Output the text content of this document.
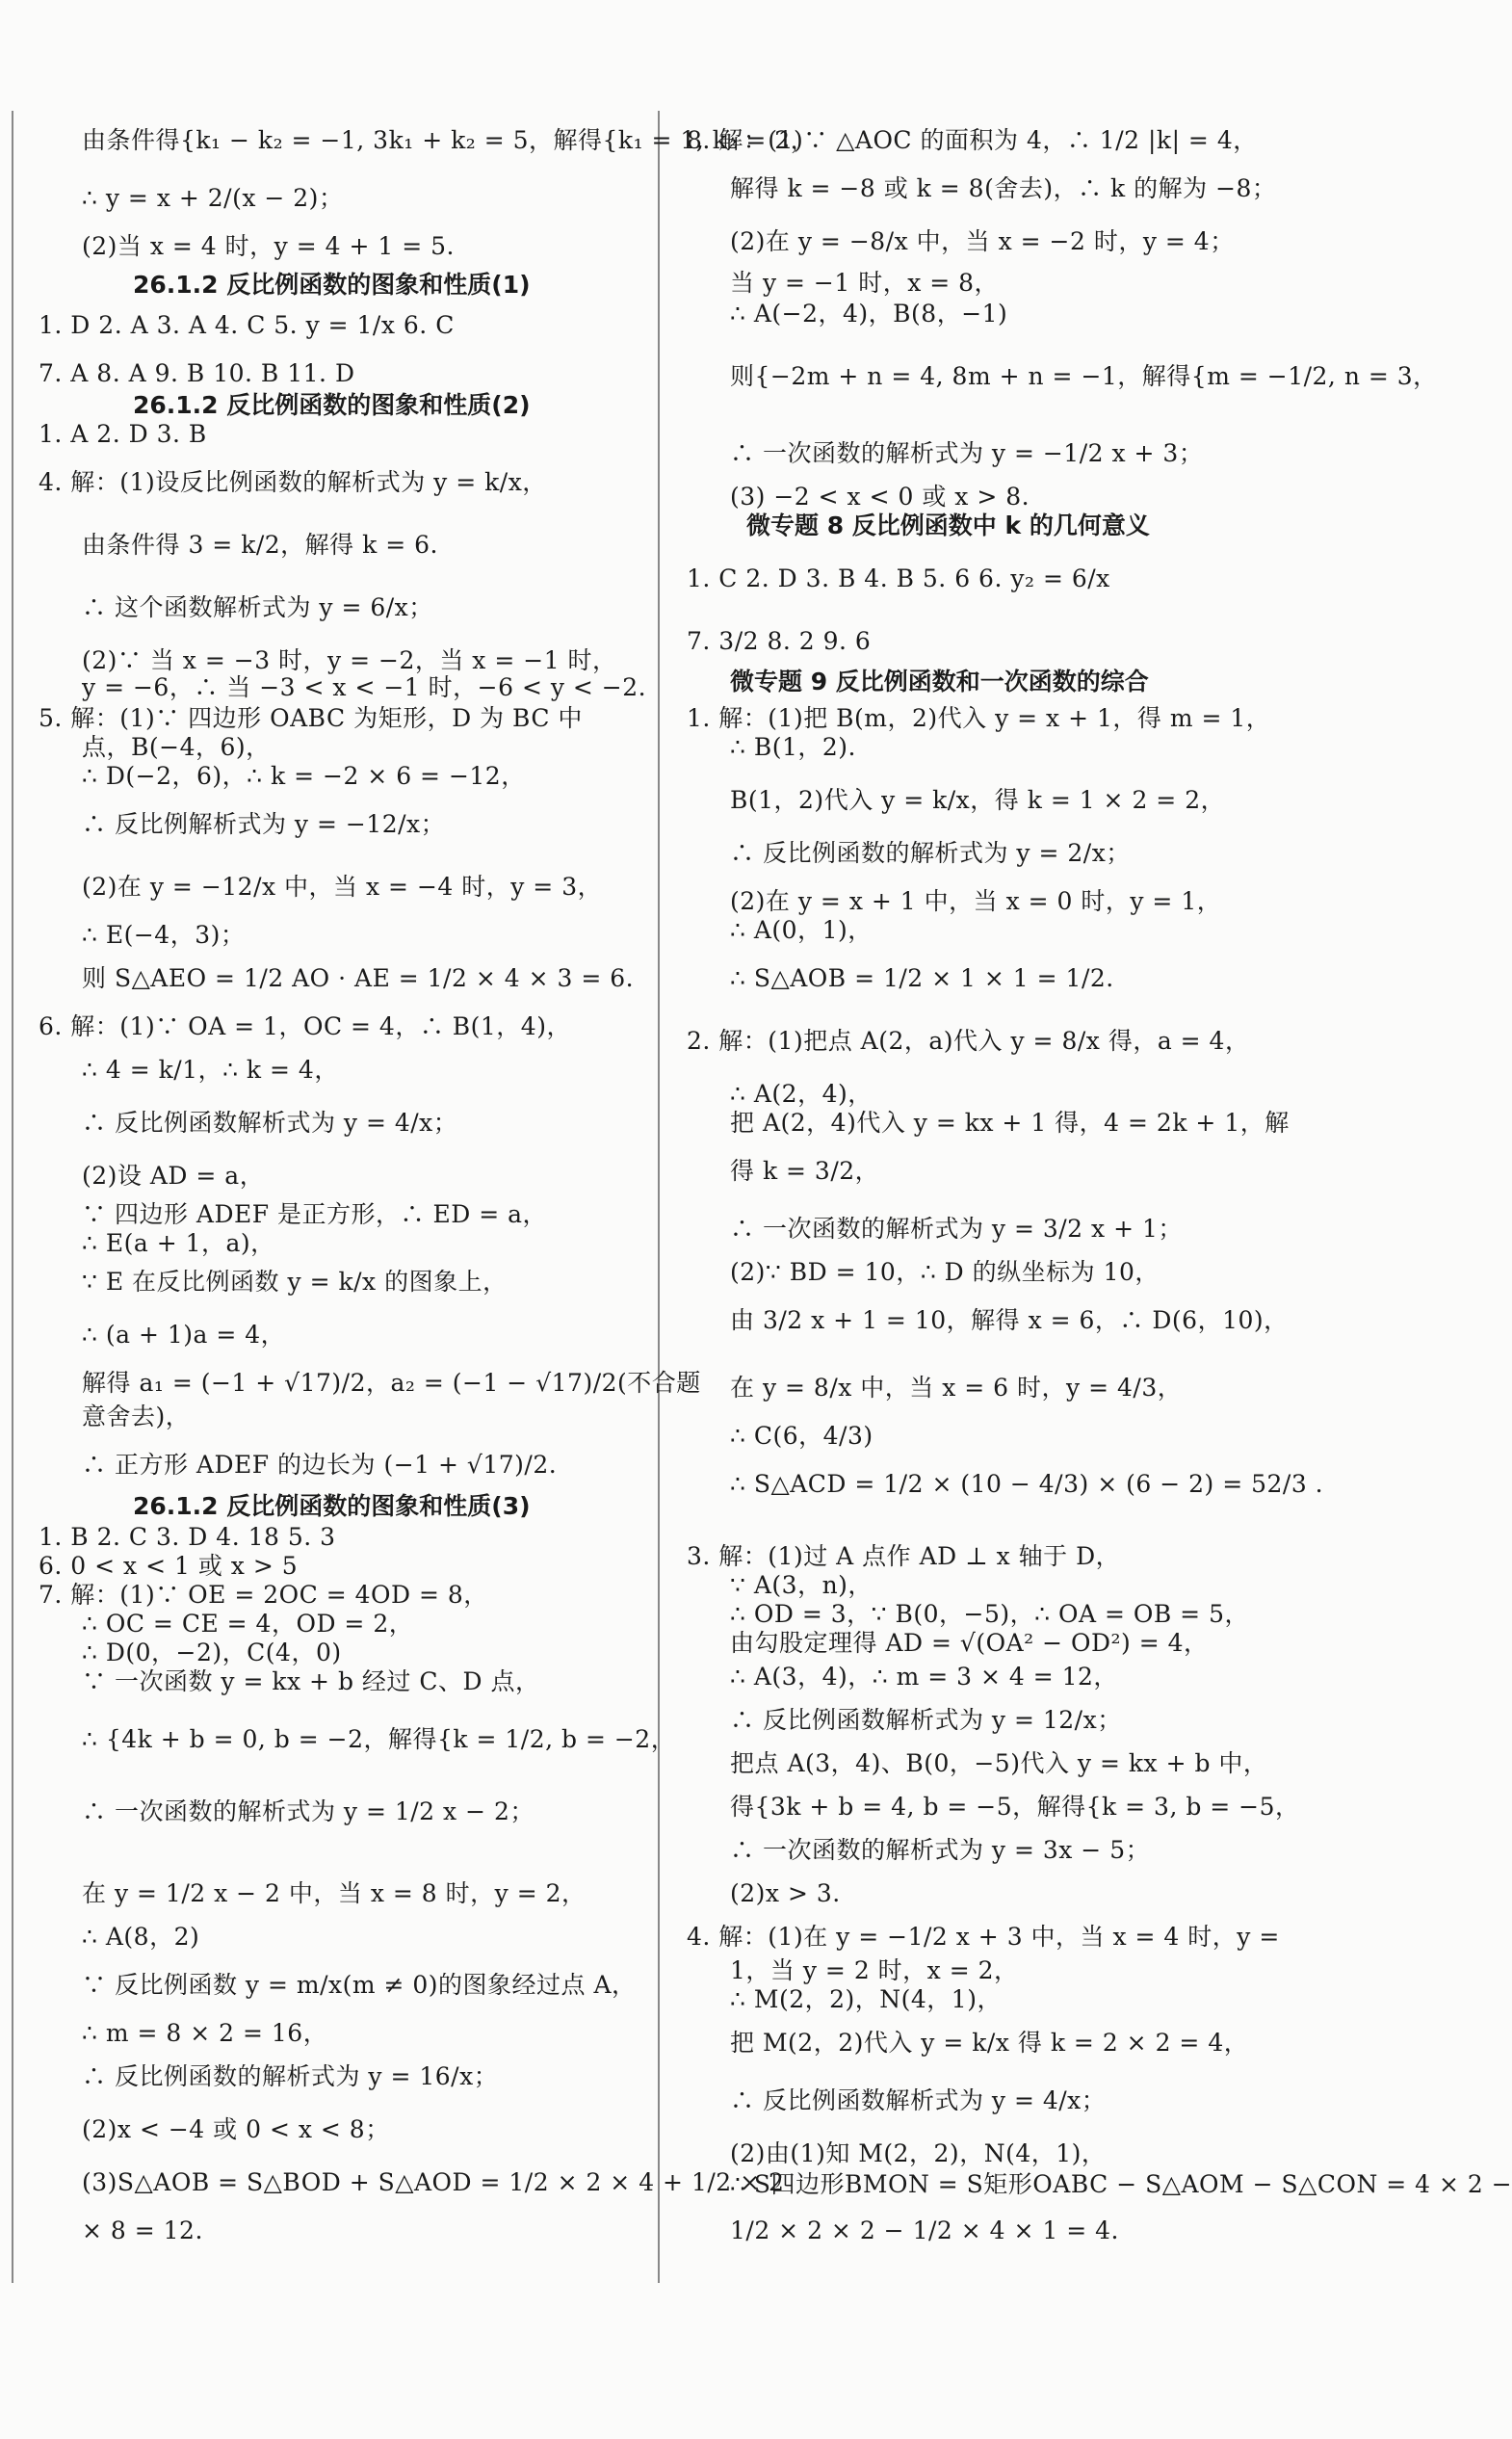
由条件得{k₁ − k₂ = −1, 3k₁ + k₂ = 5，解得{k₁ = 1, k₂ = 2，
∴ y = x + 2/(x − 2)；
(2)当 x = 4 时，y = 4 + 1 = 5.
1. D 2. A 3. A 4. C 5. y = 1/x 6. C
7. A 8. A 9. B 10. B 11. D
1. A 2. D 3. B
4. 解：(1)设反比例函数的解析式为 y = k/x，
由条件得 3 = k/2，解得 k = 6.
∴ 这个函数解析式为 y = 6/x；
(2)∵ 当 x = −3 时，y = −2，当 x = −1 时，
y = −6，∴ 当 −3 < x < −1 时，−6 < y < −2.
5. 解：(1)∵ 四边形 OABC 为矩形，D 为 BC 中
点，B(−4，6)，
∴ D(−2，6)，∴ k = −2 × 6 = −12，
∴ 反比例解析式为 y = −12/x；
(2)在 y = −12/x 中，当 x = −4 时，y = 3，
∴ E(−4，3)；
则 S△AEO = 1/2 AO · AE = 1/2 × 4 × 3 = 6.
6. 解：(1)∵ OA = 1，OC = 4，∴ B(1，4)，
∴ 4 = k/1，∴ k = 4，
∴ 反比例函数解析式为 y = 4/x；
(2)设 AD = a，
∵ 四边形 ADEF 是正方形，∴ ED = a，
∴ E(a + 1，a)，
∵ E 在反比例函数 y = k/x 的图象上，
∴ (a + 1)a = 4，
解得 a₁ = (−1 + √17)/2，a₂ = (−1 − √17)/2(不合题
意舍去)，
∴ 正方形 ADEF 的边长为 (−1 + √17)/2.
1. B 2. C 3. D 4. 18 5. 3
6. 0 < x < 1 或 x > 5
7. 解：(1)∵ OE = 2OC = 4OD = 8，
∴ OC = CE = 4，OD = 2，
∴ D(0，−2)，C(4，0)
∵ 一次函数 y = kx + b 经过 C、D 点，
∴ {4k + b = 0, b = −2，解得{k = 1/2, b = −2，
∴ 一次函数的解析式为 y = 1/2 x − 2；
在 y = 1/2 x − 2 中，当 x = 8 时，y = 2，
∴ A(8，2)
∵ 反比例函数 y = m/x(m ≠ 0)的图象经过点 A，
∴ m = 8 × 2 = 16，
∴ 反比例函数的解析式为 y = 16/x；
(2)x < −4 或 0 < x < 8；
(3)S△AOB = S△BOD + S△AOD = 1/2 × 2 × 4 + 1/2 × 2
× 8 = 12.
26.1.2 反比例函数的图象和性质(1)
26.1.2 反比例函数的图象和性质(2)
26.1.2 反比例函数的图象和性质(3)
8. 解：(1)∵ △AOC 的面积为 4，∴ 1/2 |k| = 4，
解得 k = −8 或 k = 8(舍去)，∴ k 的解为 −8；
(2)在 y = −8/x 中，当 x = −2 时，y = 4；
当 y = −1 时，x = 8，
∴ A(−2，4)，B(8，−1)
则{−2m + n = 4, 8m + n = −1，解得{m = −1/2, n = 3，
∴ 一次函数的解析式为 y = −1/2 x + 3；
(3) −2 < x < 0 或 x > 8.
1. C 2. D 3. B 4. B 5. 6 6. y₂ = 6/x
7. 3/2 8. 2 9. 6
1. 解：(1)把 B(m，2)代入 y = x + 1，得 m = 1，
∴ B(1，2).
B(1，2)代入 y = k/x，得 k = 1 × 2 = 2，
∴ 反比例函数的解析式为 y = 2/x；
(2)在 y = x + 1 中，当 x = 0 时，y = 1，
∴ A(0，1)，
∴ S△AOB = 1/2 × 1 × 1 = 1/2.
2. 解：(1)把点 A(2，a)代入 y = 8/x 得，a = 4，
∴ A(2，4)，
把 A(2，4)代入 y = kx + 1 得，4 = 2k + 1，解
得 k = 3/2，
∴ 一次函数的解析式为 y = 3/2 x + 1；
(2)∵ BD = 10，∴ D 的纵坐标为 10，
由 3/2 x + 1 = 10，解得 x = 6，∴ D(6，10)，
在 y = 8/x 中，当 x = 6 时，y = 4/3，
∴ C(6，4/3)
∴ S△ACD = 1/2 × (10 − 4/3) × (6 − 2) = 52/3 .
3. 解：(1)过 A 点作 AD ⊥ x 轴于 D，
∵ A(3，n)，
∴ OD = 3，∵ B(0，−5)，∴ OA = OB = 5，
由勾股定理得 AD = √(OA² − OD²) = 4，
∴ A(3，4)，∴ m = 3 × 4 = 12，
∴ 反比例函数解析式为 y = 12/x；
把点 A(3，4)、B(0，−5)代入 y = kx + b 中，
得{3k + b = 4, b = −5，解得{k = 3, b = −5，
∴ 一次函数的解析式为 y = 3x − 5；
(2)x > 3.
4. 解：(1)在 y = −1/2 x + 3 中，当 x = 4 时，y =
1，当 y = 2 时，x = 2，
∴ M(2，2)，N(4，1)，
把 M(2，2)代入 y = k/x 得 k = 2 × 2 = 4，
∴ 反比例函数解析式为 y = 4/x；
(2)由(1)知 M(2，2)，N(4，1)，
∴ S四边形BMON = S矩形OABC − S△AOM − S△CON = 4 × 2 −
1/2 × 2 × 2 − 1/2 × 4 × 1 = 4.
微专题 8 反比例函数中 k 的几何意义
微专题 9 反比例函数和一次函数的综合
